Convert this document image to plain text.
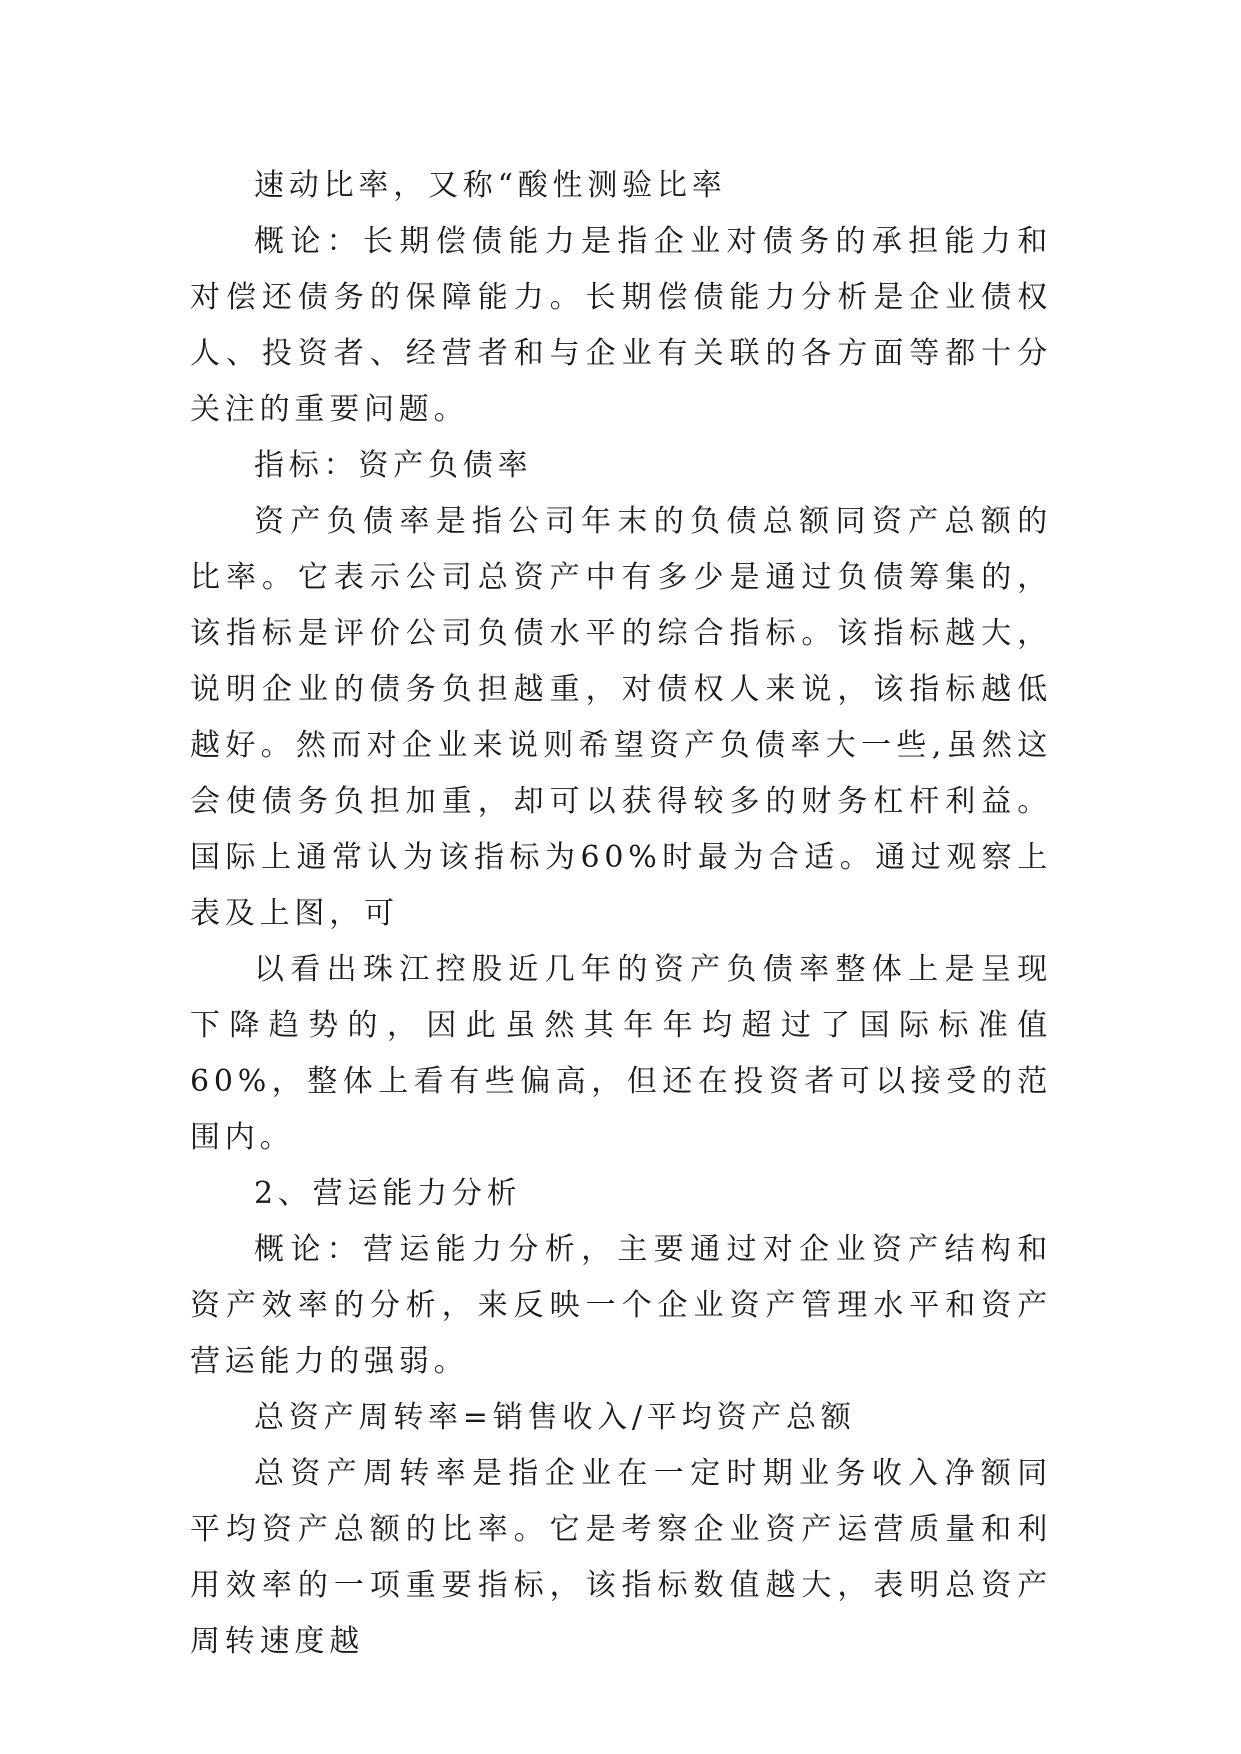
速动比率，又称“酸性测验比率

概论：长期偿债能力是指企业对债务的承担能力和对偿还债务的保障能力。长期偿债能力分析是企业债权人、投资者、经营者和与企业有关联的各方面等都十分关注的重要问题。

指标：资产负债率

资产负债率是指公司年末的负债总额同资产总额的比率。它表示公司总资产中有多少是通过负债筹集的，该指标是评价公司负债水平的综合指标。该指标越大，说明企业的债务负担越重，对债权人来说，该指标越低越好。然而对企业来说则希望资产负债率大一些,虽然这会使债务负担加重，却可以获得较多的财务杠杆利益。国际上通常认为该指标为60%时最为合适。通过观察上表及上图，可

以看出珠江控股近几年的资产负债率整体上是呈现下降趋势的，因此虽然其年年均超过了国际标准值 60%，整体上看有些偏高，但还在投资者可以接受的范围内。

2、营运能力分析

概论：营运能力分析，主要通过对企业资产结构和资产效率的分析，来反映一个企业资产管理水平和资产营运能力的强弱。

总资产周转率=销售收入/平均资产总额

总资产周转率是指企业在一定时期业务收入净额同平均资产总额的比率。它是考察企业资产运营质量和利用效率的一项重要指标，该指标数值越大，表明总资产周转速度越
